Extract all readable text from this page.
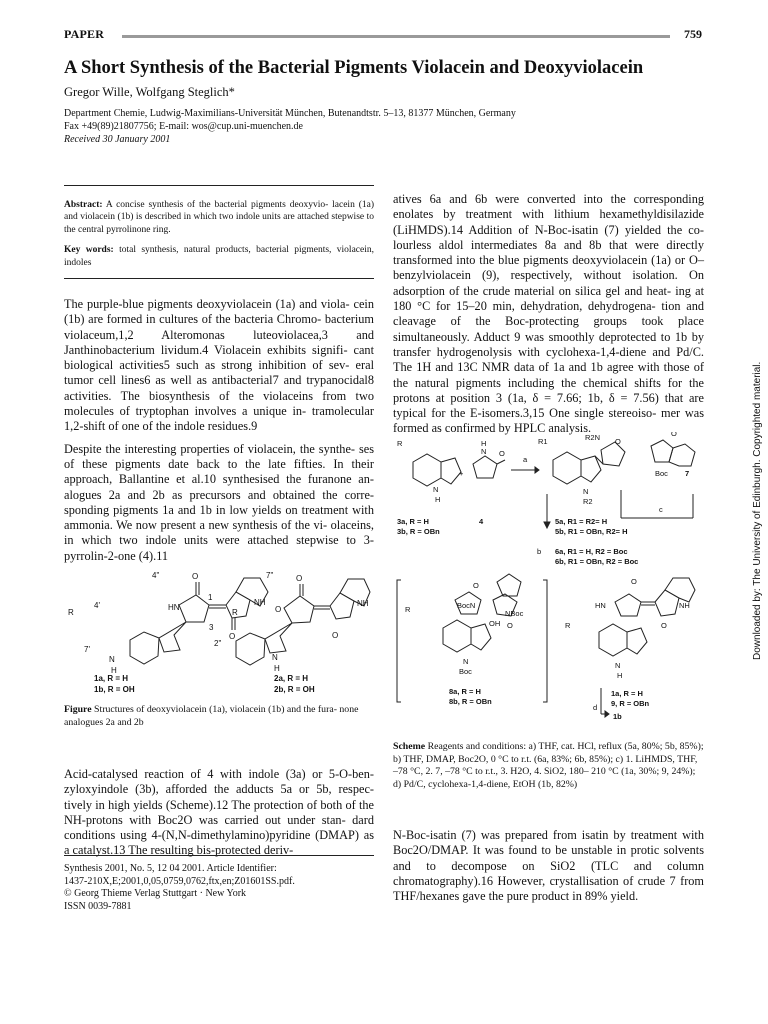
PAPER	759
A Short Synthesis of the Bacterial Pigments Violacein and Deoxyviolacein
Gregor Wille, Wolfgang Steglich*
Department Chemie, Ludwig-Maximilians-Universität München, Butenandtstr. 5–13, 81377 München, Germany
Fax +49(89)21807756; E-mail: wos@cup.uni-muenchen.de
Received 30 January 2001

Abstract: A concise synthesis of the bacterial pigments deoxyvio- lacein (1a) and violacein (1b) is described in which two indole units are attached stepwise to the central pyrrolinone ring.

Key words: total synthesis, natural products, bacterial pigments, violacein, indoles

The purple-blue pigments deoxyviolacein (1a) and viola- cein (1b) are formed in cultures of the bacteria Chromo- bacterium violaceum,1,2 Alteromonas luteoviolacea,3 and Janthinobacterium lividum.4 Violacein exhibits signifi- cant biological activities5 such as strong inhibition of sev- eral tumor cell lines6 as well as antibacterial7 and trypanocidal8 activities. The biosynthesis of the violaceins from two molecules of tryptophan involves a unique in- tramolecular 1,2-shift of one of the indole residues.9

Despite the interesting properties of violacein, the synthe- ses of these pigments date back to the late fifties. In their approach, Ballantine et al.10 synthesised the furanone an- alogues 2a and 2b as precursors and obtained the corre- sponding pigments 1a and 1b in low yields on treatment with ammonia. We now present a new synthesis of the vi- olaceins, in which two indole units were attached stepwise to 3-pyrrolin-2-one (4).11

O
HN
1
3
4"	7"
NH
O
2"
R
4'
7'
N
H
1a, R = H
1b, R = OH
O
O
NH
O
R
N
H
2a, R = H
2b, R = OH
Figure Structures of deoxyviolacein (1a), violacein (1b) and the fura- none analogues 2a and 2b

Acid-catalysed reaction of 4 with indole (3a) or 5-O-ben- zyloxyindole (3b), afforded the adducts 5a or 5b, respec- tively in high yields (Scheme).12 The protection of both of the NH-protons with Boc2O was carried out under stan- dard conditions using 4-(N,N-dimethylamino)pyridine (DMAP) as a catalyst.13 The resulting bis-protected deriv-

atives 6a and 6b were converted into the corresponding enolates by treatment with lithium hexamethyldisilazide (LiHMDS).14 Addition of N-Boc-isatin (7) yielded the co- lourless aldol intermediates 8a and 8b that were directly transformed into the blue pigments deoxyviolacein (1a) or O–benzylviolacein (9), respectively, without isolation. On adsorption of the crude material on silica gel and heat- ing at 180 °C for 15–20 min, dehydration, dehydrogena- tion and cleavage of the Boc-protecting groups took place simultaneously. Adduct 9 was smoothly deprotected to 1b by transfer hydrogenolysis with cyclohexa-1,4-diene and Pd/C. The 1H and 13C NMR data of 1a and 1b agree with those of the natural pigments including the chemical shifts for the protons at position 3 (1a, δ = 7.66; 1b, δ = 7.56) that are typical for the E-isomers.3,15 One single stereoiso- mer was formed as confirmed by HPLC analysis.

R
N
H
+
H
N O
a
R1	R2N O
N
R2
O
Boc 7
c
3a, R = H
3b, R = OBn
4	5a, R1 = R2= H
5b, R1 = OBn, R2= H
b 6a, R1 = H, R2 = Boc
6b, R1 = OBn, R2 = Boc
R	BocN
NBoc
OH
O
O
N
Boc
8a, R = H
8b, R = OBn
R
HN	NH
O
O
N
H
1a, R = H
9, R = OBn
d
1b
Scheme Reagents and conditions: a) THF, cat. HCl, reflux (5a, 80%; 5b, 85%); b) THF, DMAP, Boc2O, 0 °C to r.t. (6a, 83%; 6b, 85%); c) 1. LiHMDS, THF, –78 °C, 2. 7, –78 °C to r.t., 3. H2O, 4. SiO2, 180– 210 °C (1a, 30%; 9, 24%); d) Pd/C, cyclohexa-1,4-diene, EtOH (1b, 82%)

N-Boc-isatin (7) was prepared from isatin by treatment with Boc2O/DMAP. It was found to be unstable in protic solvents and to decompose on SiO2 (TLC and column chromatography).16 However, crystallisation of crude 7 from THF/hexanes gave the pure product in 89% yield.

Synthesis 2001, No. 5, 12 04 2001. Article Identifier:
1437-210X,E;2001,0,05,0759,0762,ftx,en;Z01601SS.pdf.
© Georg Thieme Verlag Stuttgart · New York
ISSN 0039-7881
Downloaded by: The University of Edinburgh. Copyrighted material.
